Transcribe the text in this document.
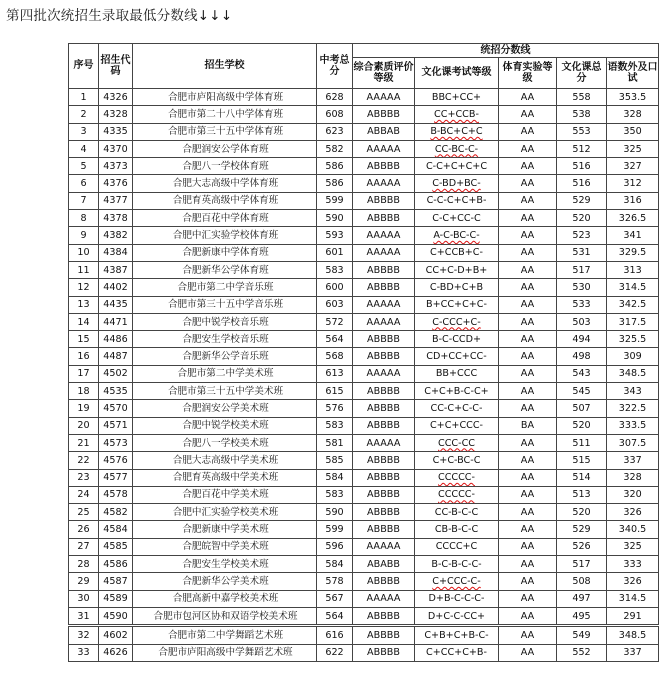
第四批次统招生录取最低分数线↓↓↓
序号	招生代码	招生学校	中考总分	统招分数线				
				综合素质评价等级	文化课考试等级	体育实验等级	文化课总分	语数外及口试
1	4326	合肥市庐阳高级中学体育班	628	AAAAA	BBC+CC+	AA	558	353.5
2	4328	合肥市第二十八中学体育班	608	ABBBB	CC+CCB-	AA	538	328
3	4335	合肥市第三十五中学体育班	623	ABBAB	B-BC+C+C	AA	553	350
4	4370	合肥润安公学体育班	582	AAAAA	CC-BC-C-	AA	512	325
5	4373	合肥八一学校体育班	586	ABBBB	C-C+C+C+C	AA	516	327
6	4376	合肥大志高级中学体育班	586	AAAAA	C-BD+BC-	AA	516	312
7	4377	合肥育英高级中学体育班	599	ABBBB	C-C-C+C+B-	AA	529	316
8	4378	合肥百花中学体育班	590	ABBBB	C-C+CC-C	AA	520	326.5
9	4382	合肥中汇实验学校体育班	593	AAAAA	A-C-BC-C-	AA	523	341
10	4384	合肥新康中学体育班	601	AAAAA	C+CCB+C-	AA	531	329.5
11	4387	合肥新华公学体育班	583	ABBBB	CC+C-D+B+	AA	517	313
12	4402	合肥市第二中学音乐班	600	ABBBB	C-BD+C+B	AA	530	314.5
13	4435	合肥市第三十五中学音乐班	603	AAAAA	B+CC+C+C-	AA	533	342.5
14	4471	合肥中锐学校音乐班	572	AAAAA	C-CCC+C-	AA	503	317.5
15	4486	合肥安生学校音乐班	564	ABBBB	B-C-CCD+	AA	494	325.5
16	4487	合肥新华公学音乐班	568	ABBBB	CD+CC+CC-	AA	498	309
17	4502	合肥市第二中学美术班	613	AAAAA	BB+CCC	AA	543	348.5
18	4535	合肥市第三十五中学美术班	615	ABBBB	C+C+B-C-C+	AA	545	343
19	4570	合肥润安公学美术班	576	ABBBB	CC-C+C-C-	AA	507	322.5
20	4571	合肥中锐学校美术班	583	ABBBB	C+C+CCC-	BA	520	333.5
21	4573	合肥八一学校美术班	581	AAAAA	CCC-CC	AA	511	307.5
22	4576	合肥大志高级中学美术班	585	ABBBB	C+C-BC-C	AA	515	337
23	4577	合肥育英高级中学美术班	584	ABBBB	CCCCC-	AA	514	328
24	4578	合肥百花中学美术班	583	ABBBB	CCCCC-	AA	513	320
25	4582	合肥中汇实验学校美术班	590	ABBBB	CC-B-C-C	AA	520	326
26	4584	合肥新康中学美术班	599	ABBBB	CB-B-C-C	AA	529	340.5
27	4585	合肥皖智中学美术班	596	AAAAA	CCCC+C	AA	526	325
28	4586	合肥安生学校美术班	584	ABABB	B-C-B-C-C-	AA	517	333
29	4587	合肥新华公学美术班	578	ABBBB	C+CCC-C-	AA	508	326
30	4589	合肥高新中嘉学校美术班	567	AAAAA	D+B-C-C-C-	AA	497	314.5
31	4590	合肥市包河区协和双语学校美术班	564	ABBBB	D+C-C-CC+	AA	495	291
32	4602	合肥市第二中学舞蹈艺术班	616	ABBBB	C+B+C+B-C-	AA	549	348.5
33	4626	合肥市庐阳高级中学舞蹈艺术班	622	ABBBB	C+CC+C+B-	AA	552	337
